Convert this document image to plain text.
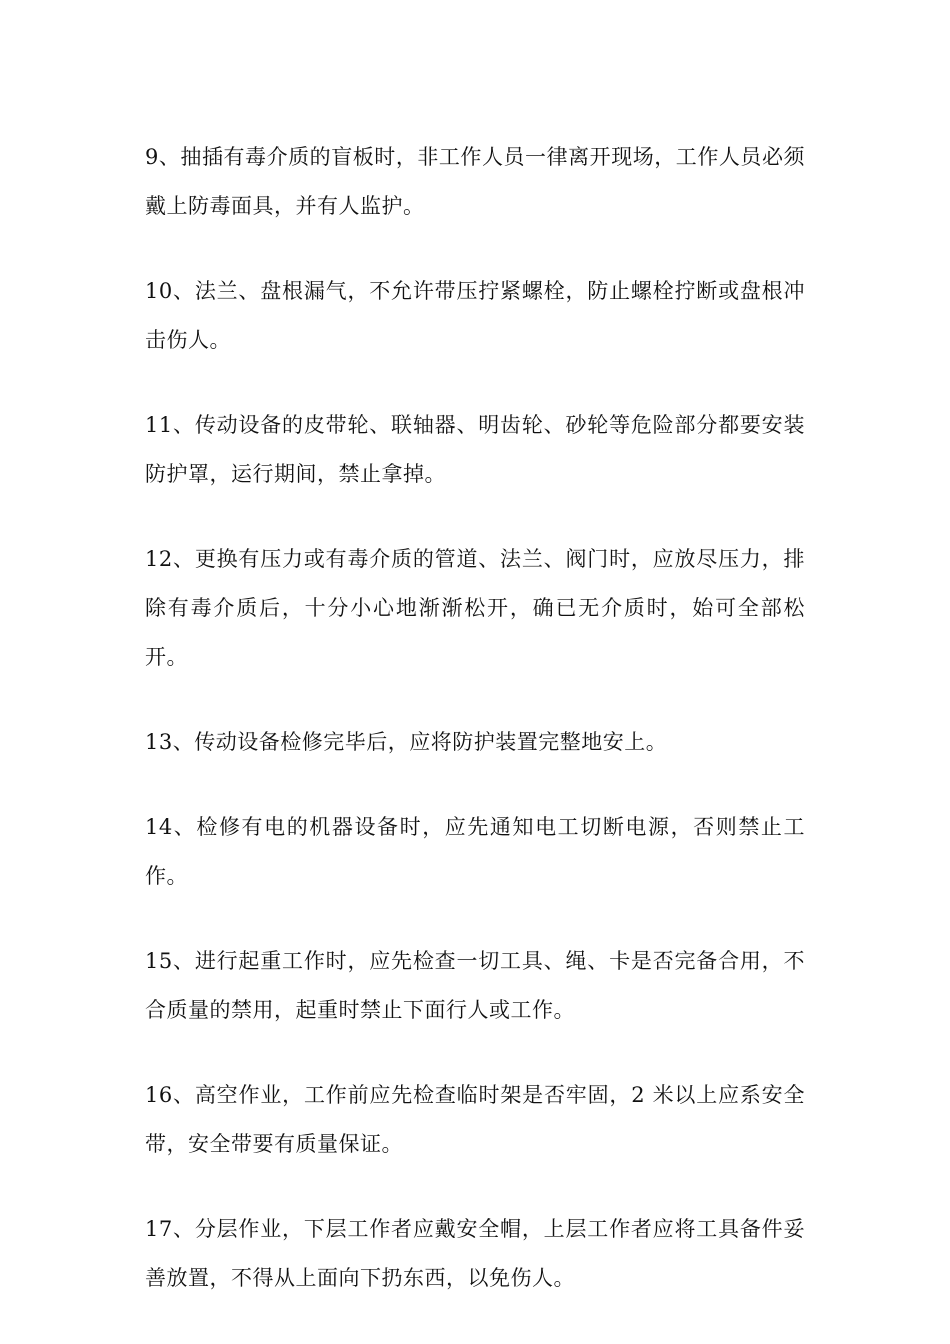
9、抽插有毒介质的盲板时，非工作人员一律离开现场，工作人员必须戴上防毒面具，并有人监护。

10、法兰、盘根漏气，不允许带压拧紧螺栓，防止螺栓拧断或盘根冲击伤人。

11、传动设备的皮带轮、联轴器、明齿轮、砂轮等危险部分都要安装防护罩，运行期间，禁止拿掉。

12、更换有压力或有毒介质的管道、法兰、阀门时，应放尽压力，排除有毒介质后，十分小心地渐渐松开，确已无介质时，始可全部松开。

13、传动设备检修完毕后，应将防护装置完整地安上。

14、检修有电的机器设备时，应先通知电工切断电源，否则禁止工作。

15、进行起重工作时，应先检查一切工具、绳、卡是否完备合用，不合质量的禁用，起重时禁止下面行人或工作。

16、高空作业，工作前应先检查临时架是否牢固，2 米以上应系安全带，安全带要有质量保证。

17、分层作业，下层工作者应戴安全帽，上层工作者应将工具备件妥善放置，不得从上面向下扔东西，以免伤人。
